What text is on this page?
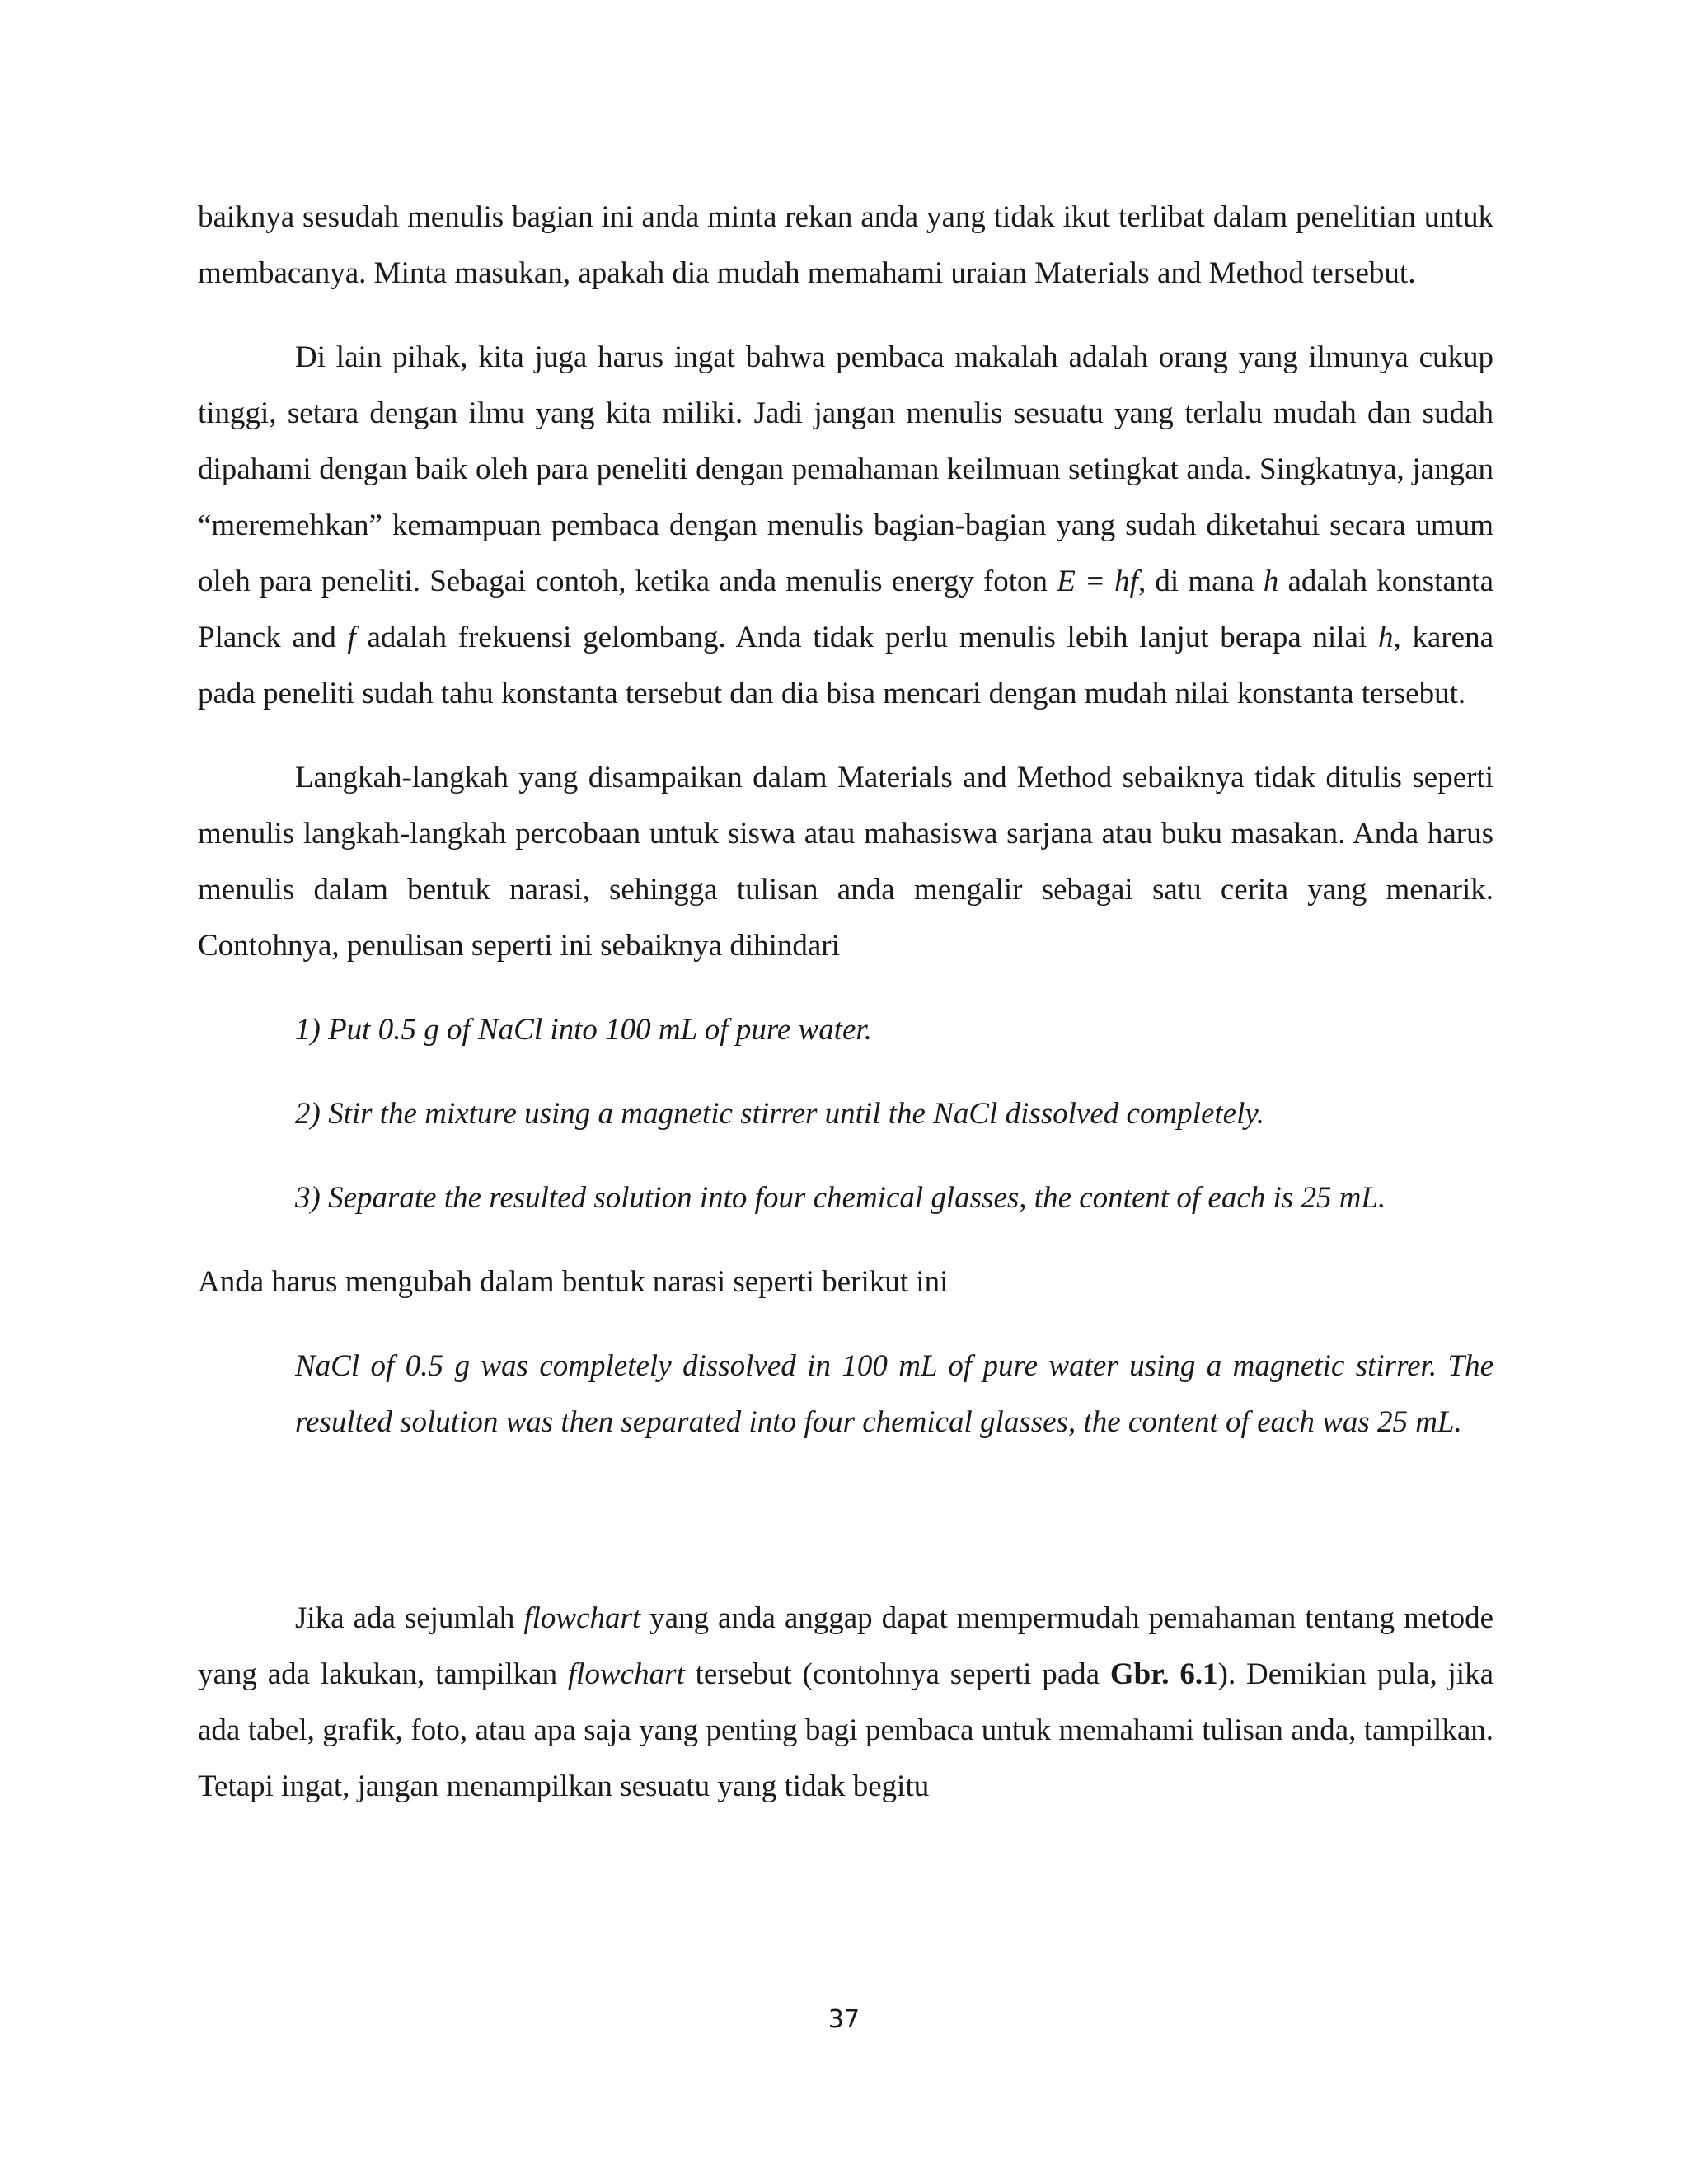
baiknya sesudah menulis bagian ini anda minta rekan anda yang tidak ikut terlibat dalam penelitian untuk membacanya. Minta masukan, apakah dia mudah memahami uraian Materials and Method tersebut.

Di lain pihak, kita juga harus ingat bahwa pembaca makalah adalah orang yang ilmunya cukup tinggi, setara dengan ilmu yang kita miliki. Jadi jangan menulis sesuatu yang terlalu mudah dan sudah dipahami dengan baik oleh para peneliti dengan pemahaman keilmuan setingkat anda. Singkatnya, jangan “meremehkan” kemampuan pembaca dengan menulis bagian-bagian yang sudah diketahui secara umum oleh para peneliti. Sebagai contoh, ketika anda menulis energy foton E = hf, di mana h adalah konstanta Planck and f adalah frekuensi gelombang. Anda tidak perlu menulis lebih lanjut berapa nilai h, karena pada peneliti sudah tahu konstanta tersebut dan dia bisa mencari dengan mudah nilai konstanta tersebut.

Langkah-langkah yang disampaikan dalam Materials and Method sebaiknya tidak ditulis seperti menulis langkah-langkah percobaan untuk siswa atau mahasiswa sarjana atau buku masakan. Anda harus menulis dalam bentuk narasi, sehingga tulisan anda mengalir sebagai satu cerita yang menarik. Contohnya, penulisan seperti ini sebaiknya dihindari

1) Put 0.5 g of NaCl into 100 mL of pure water.

2) Stir the mixture using a magnetic stirrer until the NaCl dissolved completely.

3) Separate the resulted solution into four chemical glasses, the content of each is 25 mL.

Anda harus mengubah dalam bentuk narasi seperti berikut ini

NaCl of 0.5 g was completely dissolved in 100 mL of pure water using a magnetic stirrer. The resulted solution was then separated into four chemical glasses, the content of each was 25 mL.

Jika ada sejumlah flowchart yang anda anggap dapat mempermudah pemahaman tentang metode yang ada lakukan, tampilkan flowchart tersebut (contohnya seperti pada Gbr. 6.1). Demikian pula, jika ada tabel, grafik, foto, atau apa saja yang penting bagi pembaca untuk memahami tulisan anda, tampilkan. Tetapi ingat, jangan menampilkan sesuatu yang tidak begitu

37
